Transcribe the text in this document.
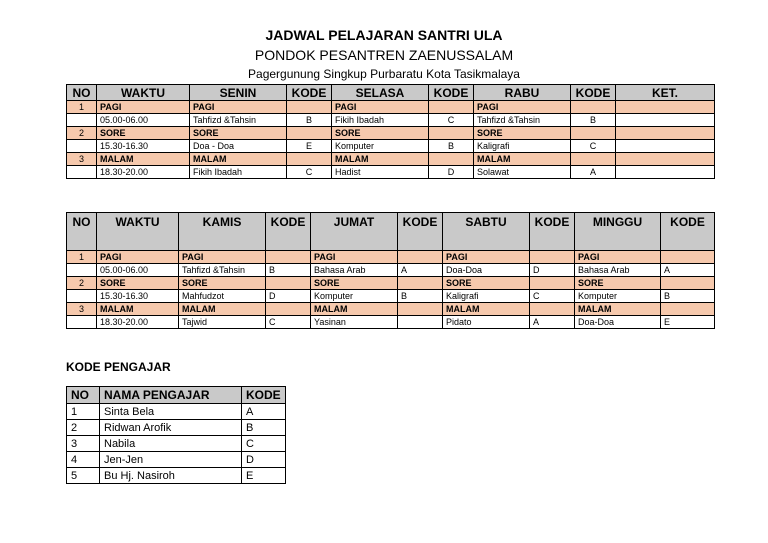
JADWAL PELAJARAN SANTRI ULA
PONDOK PESANTREN ZAENUSSALAM
Pagergunung Singkup Purbaratu Kota Tasikmalaya
NO	WAKTU	SENIN	KODE	SELASA	KODE	RABU	KODE	KET.
1	PAGI	PAGI		PAGI		PAGI		
	05.00-06.00	Tahfizd &Tahsin	B	Fikih Ibadah	C	Tahfizd &Tahsin	B	
2	SORE	SORE		SORE		SORE		
	15.30-16.30	Doa - Doa	E	Komputer	B	Kaligrafi	C	
3	MALAM	MALAM		MALAM		MALAM		
	18.30-20.00	Fikih Ibadah	C	Hadist	D	Solawat	A	
NO	WAKTU	KAMIS	KODE	JUMAT	KODE	SABTU	KODE	MINGGU	KODE
1	PAGI	PAGI		PAGI		PAGI		PAGI	
	05.00-06.00	Tahfizd &Tahsin	B	Bahasa Arab	A	Doa-Doa	D	Bahasa Arab	A
2	SORE	SORE		SORE		SORE		SORE	
	15.30-16.30	Mahfudzot	D	Komputer	B	Kaligrafi	C	Komputer	B
3	MALAM	MALAM		MALAM		MALAM		MALAM	
	18.30-20.00	Tajwid	C	Yasinan		Pidato	A	Doa-Doa	E
KODE PENGAJAR
NO	NAMA PENGAJAR	KODE
1	Sinta Bela	A
2	Ridwan Arofik	B
3	Nabila	C
4	Jen-Jen	D
5	Bu Hj. Nasiroh	E
